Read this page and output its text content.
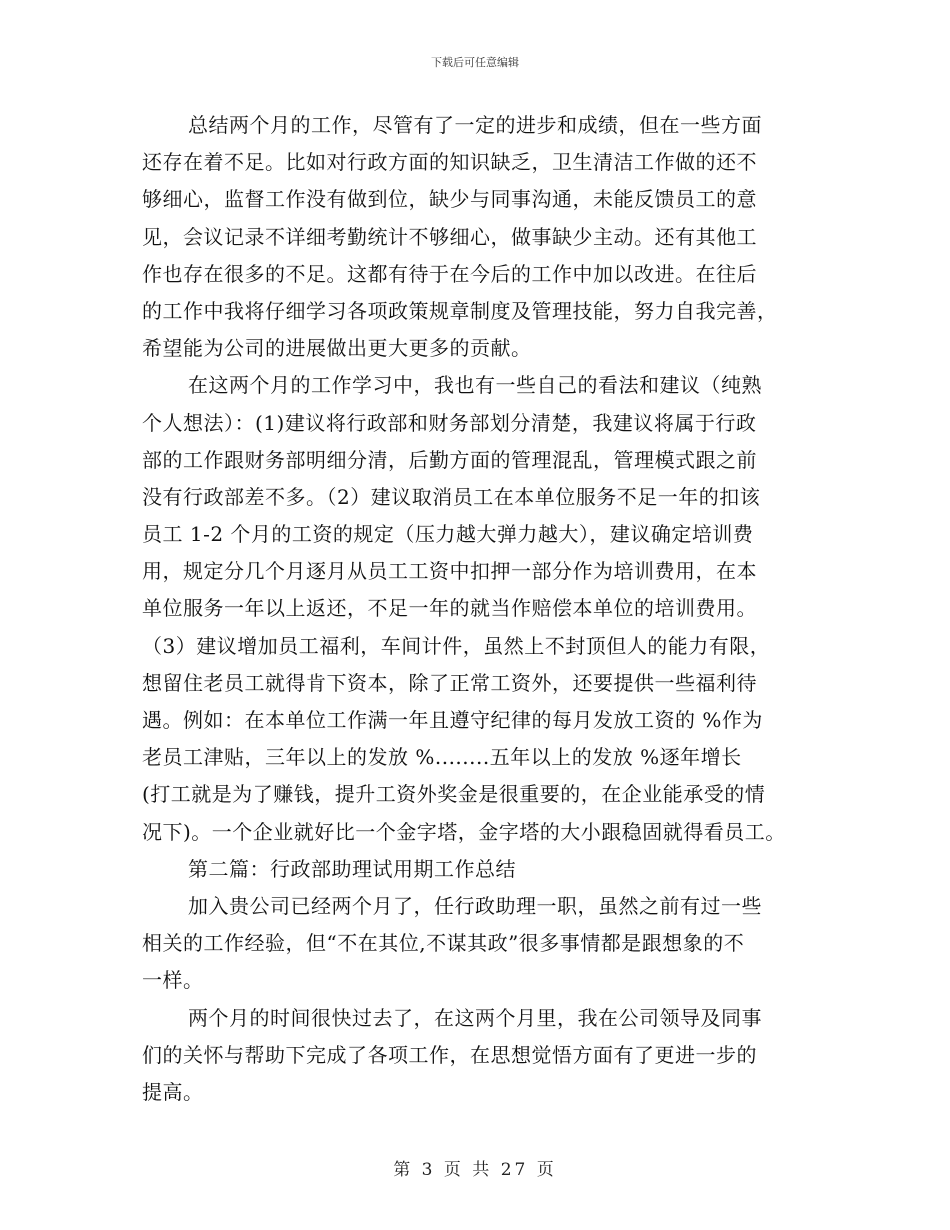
下载后可任意编辑
总结两个月的工作，尽管有了一定的进步和成绩，但在一些方面
还存在着不足。比如对行政方面的知识缺乏，卫生清洁工作做的还不
够细心，监督工作没有做到位，缺少与同事沟通，未能反馈员工的意
见，会议记录不详细考勤统计不够细心，做事缺少主动。还有其他工
作也存在很多的不足。这都有待于在今后的工作中加以改进。在往后
的工作中我将仔细学习各项政策规章制度及管理技能，努力自我完善，
希望能为公司的进展做出更大更多的贡献。
在这两个月的工作学习中，我也有一些自己的看法和建议（纯熟
个人想法）：(1)建议将行政部和财务部划分清楚，我建议将属于行政
部的工作跟财务部明细分清，后勤方面的管理混乱，管理模式跟之前
没有行政部差不多。（2）建议取消员工在本单位服务不足一年的扣该
员工 1-2 个月的工资的规定（压力越大弹力越大），建议确定培训费
用，规定分几个月逐月从员工工资中扣押一部分作为培训费用，在本
单位服务一年以上返还，不足一年的就当作赔偿本单位的培训费用。
（3）建议增加员工福利，车间计件，虽然上不封顶但人的能力有限，
想留住老员工就得肯下资本，除了正常工资外，还要提供一些福利待
遇。例如：在本单位工作满一年且遵守纪律的每月发放工资的 %作为
老员工津贴，三年以上的发放 %........五年以上的发放 %逐年增长
(打工就是为了赚钱，提升工资外奖金是很重要的，在企业能承受的情
况下)。一个企业就好比一个金字塔，金字塔的大小跟稳固就得看员工。
第二篇：行政部助理试用期工作总结
加入贵公司已经两个月了，任行政助理一职，虽然之前有过一些
相关的工作经验，但“不在其位,不谋其政”很多事情都是跟想象的不
一样。
两个月的时间很快过去了，在这两个月里，我在公司领导及同事
们的关怀与帮助下完成了各项工作，在思想觉悟方面有了更进一步的
提高。
第 3 页 共 27 页
